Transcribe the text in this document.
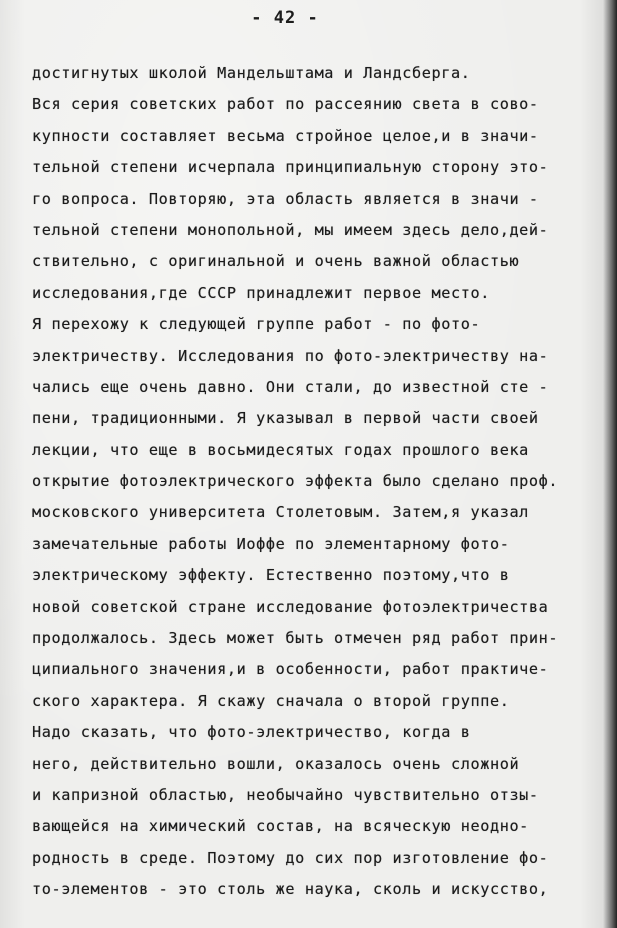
- 42 -
достигнутых школой Мандельштама и Ландсберга.
Вся серия советских работ по рассеянию света в сово-
купности составляет весьма стройное целое,и в значи-
тельной степени исчерпала принципиальную сторону это-
го вопроса. Повторяю, эта область является в значи -
тельной степени монопольной, мы имеем здесь дело,дей-
ствительно, с оригинальной и очень важной областью
исследования,где СССР принадлежит первое место.
Я перехожу к следующей группе работ - по фото-
электричеству. Исследования по фото-электричеству на-
чались еще очень давно. Они стали, до известной сте -
пени, традиционными. Я указывал в первой части своей
лекции, что еще в восьмидесятых годах прошлого века
открытие фотоэлектрического эффекта было сделано проф.
московского университета Столетовым. Затем,я указал
замечательные работы Иоффе по элементарному фото-
электрическому эффекту. Естественно поэтому,что в
новой советской стране исследование фотоэлектричества
продолжалось. Здесь может быть отмечен ряд работ прин-
ципиального значения,и в особенности, работ практиче-
ского характера. Я скажу сначала о второй группе.
Надо сказать, что фото-электричество, когда в
него, действительно вошли, оказалось очень сложной
и капризной областью, необычайно чувствительно отзы-
вающейся на химический состав, на всяческую неодно-
родность в среде. Поэтому до сих пор изготовление фо-
то-элементов - это столь же наука, сколь и искусство,
